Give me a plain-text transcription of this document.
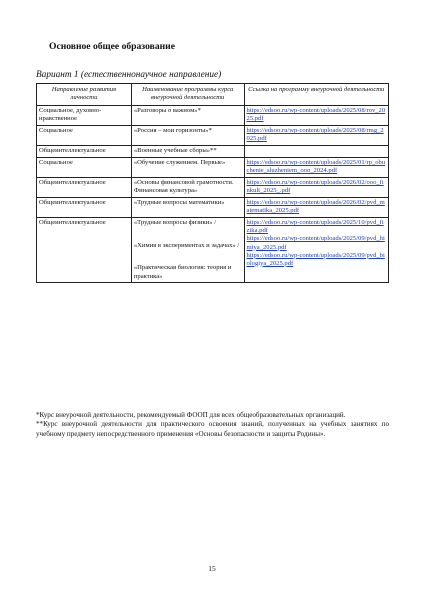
Основное общее образование
Вариант 1 (естественнонаучное направление)
Направление развития личности	Наименование программы курса внеурочной деятельности	Ссылка на программу внеурочной деятельности
Социальное, духовно-нравственное	«Разговоры о важном»*	https://edsoo.ru/wp-content/uploads/2025/08/rov_2025.pdf

Социальное	«Россия – мои горизонты»*	https://edsoo.ru/wp-content/uploads/2025/08/rmg_2025.pdf

Общеинтеллектуальное	«Военные учебные сборы»**	

Социальное	«Обучение служением. Первые»	https://edsoo.ru/wp-content/uploads/2025/01/rp_obuchenie_sluzheniem_ooo_2024.pdf

Общеинтеллектуальное	«Основы финансовой грамотности. Финансовая культура»	https://edsoo.ru/wp-content/uploads/2026/02/ooo_finkult_2025_.pdf

Общеинтеллектуальное	«Трудные вопросы математики»	https://edsoo.ru/wp-content/uploads/2026/02/pvd_matematika_2025.pdf

Общеинтеллектуальное	«Трудные вопросы физики» /
«Химия в экспериментах и задачах» /
«Практическая биология: теория и практика»	https://edsoo.ru/wp-content/uploads/2025/10/pvd_fizika.pdf
https://edsoo.ru/wp-content/uploads/2025/09/pvd_himiya_2025.pdf
https://edsoo.ru/wp-content/uploads/2025/09/pvd_biologiya_2025.pdf

*Курс внеурочной деятельности, рекомендуемый ФООП для всех общеобразовательных организаций.

**Курс внеурочной деятельности для практического освоения знаний, полученных на учебных занятиях по учебному предмету непосредственного применения «Основы безопасности и защиты Родины».

15
